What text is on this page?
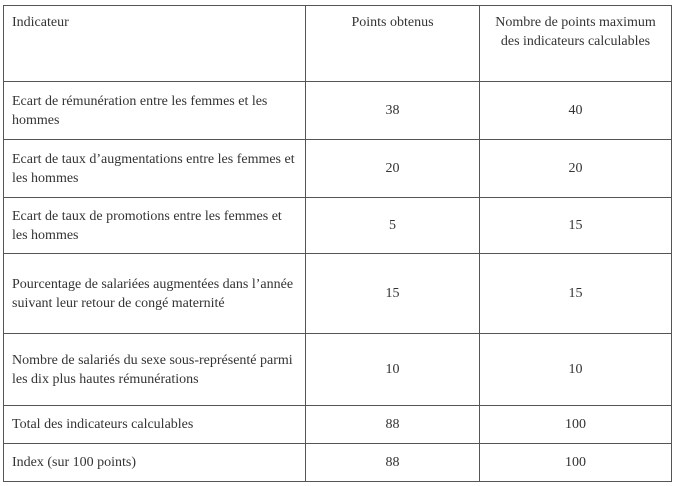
Indicateur	Points obtenus	Nombre de points maximum des indicateurs calculables
Ecart de rémunération entre les femmes et les hommes	38	40
Ecart de taux d’augmentations entre les femmes et les hommes	20	20
Ecart de taux de promotions entre les femmes et les hommes	5	15
Pourcentage de salariées augmentées dans l’année suivant leur retour de congé maternité	15	15
Nombre de salariés du sexe sous-représenté parmi les dix plus hautes rémunérations	10	10
Total des indicateurs calculables	88	100
Index (sur 100 points)	88	100
